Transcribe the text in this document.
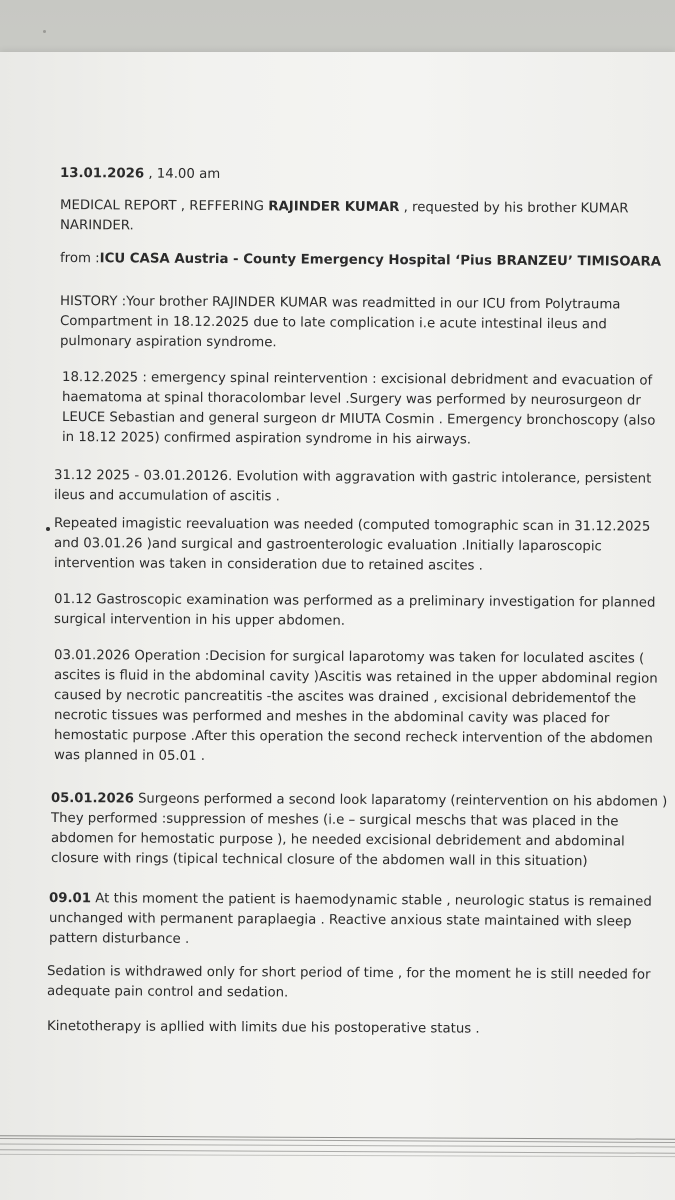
13.01.2026 , 14.00 am
MEDICAL REPORT , REFFERING RAJINDER KUMAR , requested by his brother KUMAR
NARINDER.
from :ICU CASA Austria - County Emergency Hospital ‘Pius BRANZEU’ TIMISOARA
HISTORY :Your brother RAJINDER KUMAR was readmitted in our ICU from Polytrauma
Compartment in 18.12.2025 due to late complication i.e acute intestinal ileus and
pulmonary aspiration syndrome.
18.12.2025 : emergency spinal reintervention : excisional debridment and evacuation of
haematoma at spinal thoracolombar level .Surgery was performed by neurosurgeon dr
LEUCE Sebastian and general surgeon dr MIUTA Cosmin . Emergency bronchoscopy (also
in 18.12 2025) confirmed aspiration syndrome in his airways.
31.12 2025 - 03.01.20126. Evolution with aggravation with gastric intolerance, persistent
ileus and accumulation of ascitis .
Repeated imagistic reevaluation was needed (computed tomographic scan in 31.12.2025
and 03.01.26 )and surgical and gastroenterologic evaluation .Initially laparoscopic
intervention was taken in consideration due to retained ascites .
01.12 Gastroscopic examination was performed as a preliminary investigation for planned
surgical intervention in his upper abdomen.
03.01.2026 Operation :Decision for surgical laparotomy was taken for loculated ascites (
ascites is fluid in the abdominal cavity )Ascitis was retained in the upper abdominal region
caused by necrotic pancreatitis -the ascites was drained , excisional debridementof the
necrotic tissues was performed and meshes in the abdominal cavity was placed for
hemostatic purpose .After this operation the second recheck intervention of the abdomen
was planned in 05.01 .
05.01.2026 Surgeons performed a second look laparatomy (reintervention on his abdomen )
They performed :suppression of meshes (i.e – surgical meschs that was placed in the
abdomen for hemostatic purpose ), he needed excisional debridement and abdominal
closure with rings (tipical technical closure of the abdomen wall in this situation)
09.01 At this moment the patient is haemodynamic stable , neurologic status is remained
unchanged with permanent paraplaegia . Reactive anxious state maintained with sleep
pattern disturbance .
Sedation is withdrawed only for short period of time , for the moment he is still needed for
adequate pain control and sedation.
Kinetotherapy is apllied with limits due his postoperative status .
